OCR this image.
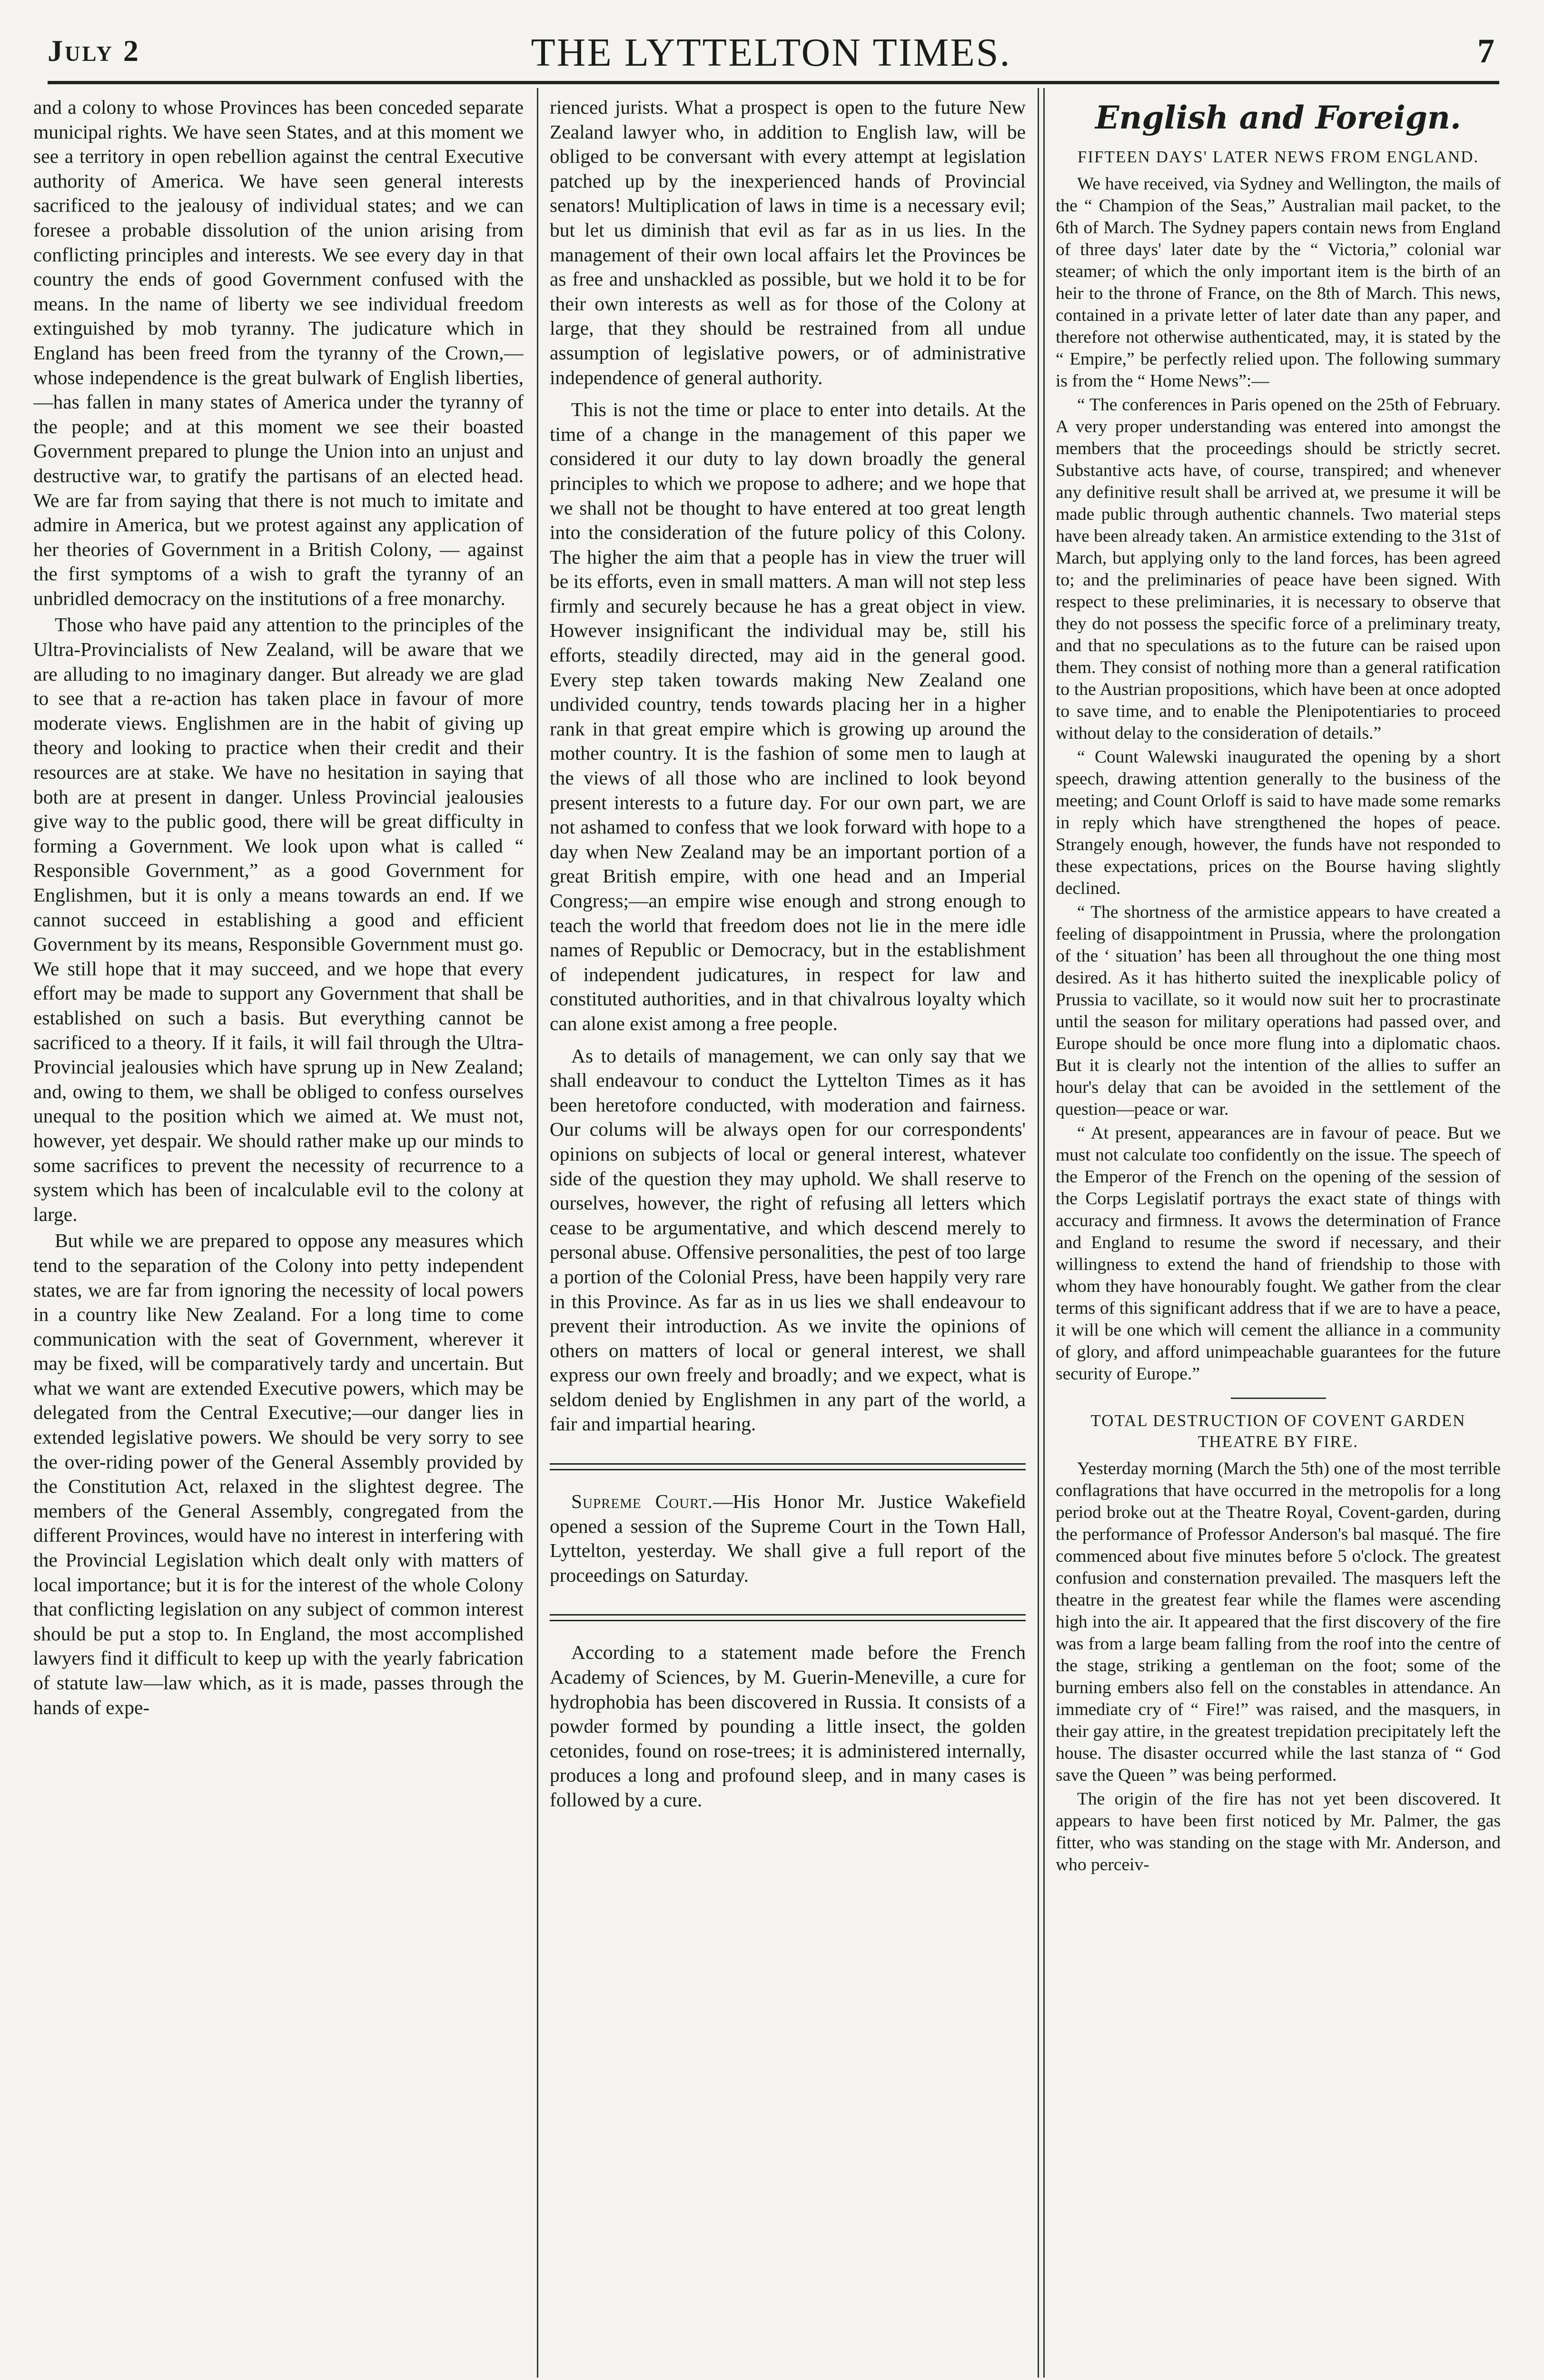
July 2	THE LYTTELTON TIMES.	7

and a colony to whose Provinces has been conceded separate municipal rights. We have seen States, and at this moment we see a territory in open rebellion against the central Executive authority of America. We have seen general interests sacrificed to the jealousy of individual states; and we can foresee a probable dissolution of the union arising from conflicting principles and interests. We see every day in that country the ends of good Government confused with the means. In the name of liberty we see individual freedom extinguished by mob tyranny. The judicature which in England has been freed from the tyranny of the Crown,—whose independence is the great bulwark of English liberties,—has fallen in many states of America under the tyranny of the people; and at this moment we see their boasted Government prepared to plunge the Union into an unjust and destructive war, to gratify the partisans of an elected head. We are far from saying that there is not much to imitate and admire in America, but we protest against any application of her theories of Government in a British Colony, — against the first symptoms of a wish to graft the tyranny of an unbridled democracy on the institutions of a free monarchy.

Those who have paid any attention to the principles of the Ultra-Provincialists of New Zealand, will be aware that we are alluding to no imaginary danger. But already we are glad to see that a re-action has taken place in favour of more moderate views. Englishmen are in the habit of giving up theory and looking to practice when their credit and their resources are at stake. We have no hesitation in saying that both are at present in danger. Unless Provincial jealousies give way to the public good, there will be great difficulty in forming a Government. We look upon what is called “ Responsible Government,” as a good Government for Englishmen, but it is only a means towards an end. If we cannot succeed in establishing a good and efficient Government by its means, Responsible Government must go. We still hope that it may succeed, and we hope that every effort may be made to support any Government that shall be established on such a basis. But everything cannot be sacrificed to a theory. If it fails, it will fail through the Ultra-Provincial jealousies which have sprung up in New Zealand; and, owing to them, we shall be obliged to confess ourselves unequal to the position which we aimed at. We must not, however, yet despair. We should rather make up our minds to some sacrifices to prevent the necessity of recurrence to a system which has been of incalculable evil to the colony at large.

But while we are prepared to oppose any measures which tend to the separation of the Colony into petty independent states, we are far from ignoring the necessity of local powers in a country like New Zealand. For a long time to come communication with the seat of Government, wherever it may be fixed, will be comparatively tardy and uncertain. But what we want are extended Executive powers, which may be delegated from the Central Executive;—our danger lies in extended legislative powers. We should be very sorry to see the over-riding power of the General Assembly provided by the Constitution Act, relaxed in the slightest degree. The members of the General Assembly, congregated from the different Provinces, would have no interest in interfering with the Provincial Legislation which dealt only with matters of local importance; but it is for the interest of the whole Colony that conflicting legislation on any subject of common interest should be put a stop to. In England, the most accomplished lawyers find it difficult to keep up with the yearly fabrication of statute law—law which, as it is made, passes through the hands of expe-

rienced jurists. What a prospect is open to the future New Zealand lawyer who, in addition to English law, will be obliged to be conversant with every attempt at legislation patched up by the inexperienced hands of Provincial senators! Multiplication of laws in time is a necessary evil; but let us diminish that evil as far as in us lies. In the management of their own local affairs let the Provinces be as free and unshackled as possible, but we hold it to be for their own interests as well as for those of the Colony at large, that they should be restrained from all undue assumption of legislative powers, or of administrative independence of general authority.

This is not the time or place to enter into details. At the time of a change in the management of this paper we considered it our duty to lay down broadly the general principles to which we propose to adhere; and we hope that we shall not be thought to have entered at too great length into the consideration of the future policy of this Colony. The higher the aim that a people has in view the truer will be its efforts, even in small matters. A man will not step less firmly and securely because he has a great object in view. However insignificant the individual may be, still his efforts, steadily directed, may aid in the general good. Every step taken towards making New Zealand one undivided country, tends towards placing her in a higher rank in that great empire which is growing up around the mother country. It is the fashion of some men to laugh at the views of all those who are inclined to look beyond present interests to a future day. For our own part, we are not ashamed to confess that we look forward with hope to a day when New Zealand may be an important portion of a great British empire, with one head and an Imperial Congress;—an empire wise enough and strong enough to teach the world that freedom does not lie in the mere idle names of Republic or Democracy, but in the establishment of independent judicatures, in respect for law and constituted authorities, and in that chivalrous loyalty which can alone exist among a free people.

As to details of management, we can only say that we shall endeavour to conduct the Lyttelton Times as it has been heretofore conducted, with moderation and fairness. Our colums will be always open for our correspondents' opinions on subjects of local or general interest, whatever side of the question they may uphold. We shall reserve to ourselves, however, the right of refusing all letters which cease to be argumentative, and which descend merely to personal abuse. Offensive personalities, the pest of too large a portion of the Colonial Press, have been happily very rare in this Province. As far as in us lies we shall endeavour to prevent their introduction. As we invite the opinions of others on matters of local or general interest, we shall express our own freely and broadly; and we expect, what is seldom denied by Englishmen in any part of the world, a fair and impartial hearing.

Supreme Court.—His Honor Mr. Justice Wakefield opened a session of the Supreme Court in the Town Hall, Lyttelton, yesterday. We shall give a full report of the proceedings on Saturday.

According to a statement made before the French Academy of Sciences, by M. Guerin-Meneville, a cure for hydrophobia has been discovered in Russia. It consists of a powder formed by pounding a little insect, the golden cetonides, found on rose-trees; it is administered internally, produces a long and profound sleep, and in many cases is followed by a cure.

English and Foreign.
FIFTEEN DAYS' LATER NEWS FROM ENGLAND.

We have received, via Sydney and Wellington, the mails of the “ Champion of the Seas,” Australian mail packet, to the 6th of March. The Sydney papers contain news from England of three days' later date by the “ Victoria,” colonial war steamer; of which the only important item is the birth of an heir to the throne of France, on the 8th of March. This news, contained in a private letter of later date than any paper, and therefore not otherwise authenticated, may, it is stated by the “ Empire,” be perfectly relied upon. The following summary is from the “ Home News”:—

“ The conferences in Paris opened on the 25th of February. A very proper understanding was entered into amongst the members that the proceedings should be strictly secret. Substantive acts have, of course, transpired; and whenever any definitive result shall be arrived at, we presume it will be made public through authentic channels. Two material steps have been already taken. An armistice extending to the 31st of March, but applying only to the land forces, has been agreed to; and the preliminaries of peace have been signed. With respect to these preliminaries, it is necessary to observe that they do not possess the specific force of a preliminary treaty, and that no speculations as to the future can be raised upon them. They consist of nothing more than a general ratification to the Austrian propositions, which have been at once adopted to save time, and to enable the Plenipotentiaries to proceed without delay to the consideration of details.”

“ Count Walewski inaugurated the opening by a short speech, drawing attention generally to the business of the meeting; and Count Orloff is said to have made some remarks in reply which have strengthened the hopes of peace. Strangely enough, however, the funds have not responded to these expectations, prices on the Bourse having slightly declined.

“ The shortness of the armistice appears to have created a feeling of disappointment in Prussia, where the prolongation of the ‘ situation’ has been all throughout the one thing most desired. As it has hitherto suited the inexplicable policy of Prussia to vacillate, so it would now suit her to procrastinate until the season for military operations had passed over, and Europe should be once more flung into a diplomatic chaos. But it is clearly not the intention of the allies to suffer an hour's delay that can be avoided in the settlement of the question—peace or war.

“ At present, appearances are in favour of peace. But we must not calculate too confidently on the issue. The speech of the Emperor of the French on the opening of the session of the Corps Legislatif portrays the exact state of things with accuracy and firmness. It avows the determination of France and England to resume the sword if necessary, and their willingness to extend the hand of friendship to those with whom they have honourably fought. We gather from the clear terms of this significant address that if we are to have a peace, it will be one which will cement the alliance in a community of glory, and afford unimpeachable guarantees for the future security of Europe.”

TOTAL DESTRUCTION OF COVENT GARDEN THEATRE BY FIRE.

Yesterday morning (March the 5th) one of the most terrible conflagrations that have occurred in the metropolis for a long period broke out at the Theatre Royal, Covent-garden, during the performance of Professor Anderson's bal masqué. The fire commenced about five minutes before 5 o'clock. The greatest confusion and consternation prevailed. The masquers left the theatre in the greatest fear while the flames were ascending high into the air. It appeared that the first discovery of the fire was from a large beam falling from the roof into the centre of the stage, striking a gentleman on the foot; some of the burning embers also fell on the constables in attendance. An immediate cry of “ Fire!” was raised, and the masquers, in their gay attire, in the greatest trepidation precipitately left the house. The disaster occurred while the last stanza of “ God save the Queen ” was being performed.

The origin of the fire has not yet been discovered. It appears to have been first noticed by Mr. Palmer, the gas fitter, who was standing on the stage with Mr. Anderson, and who perceiv-
